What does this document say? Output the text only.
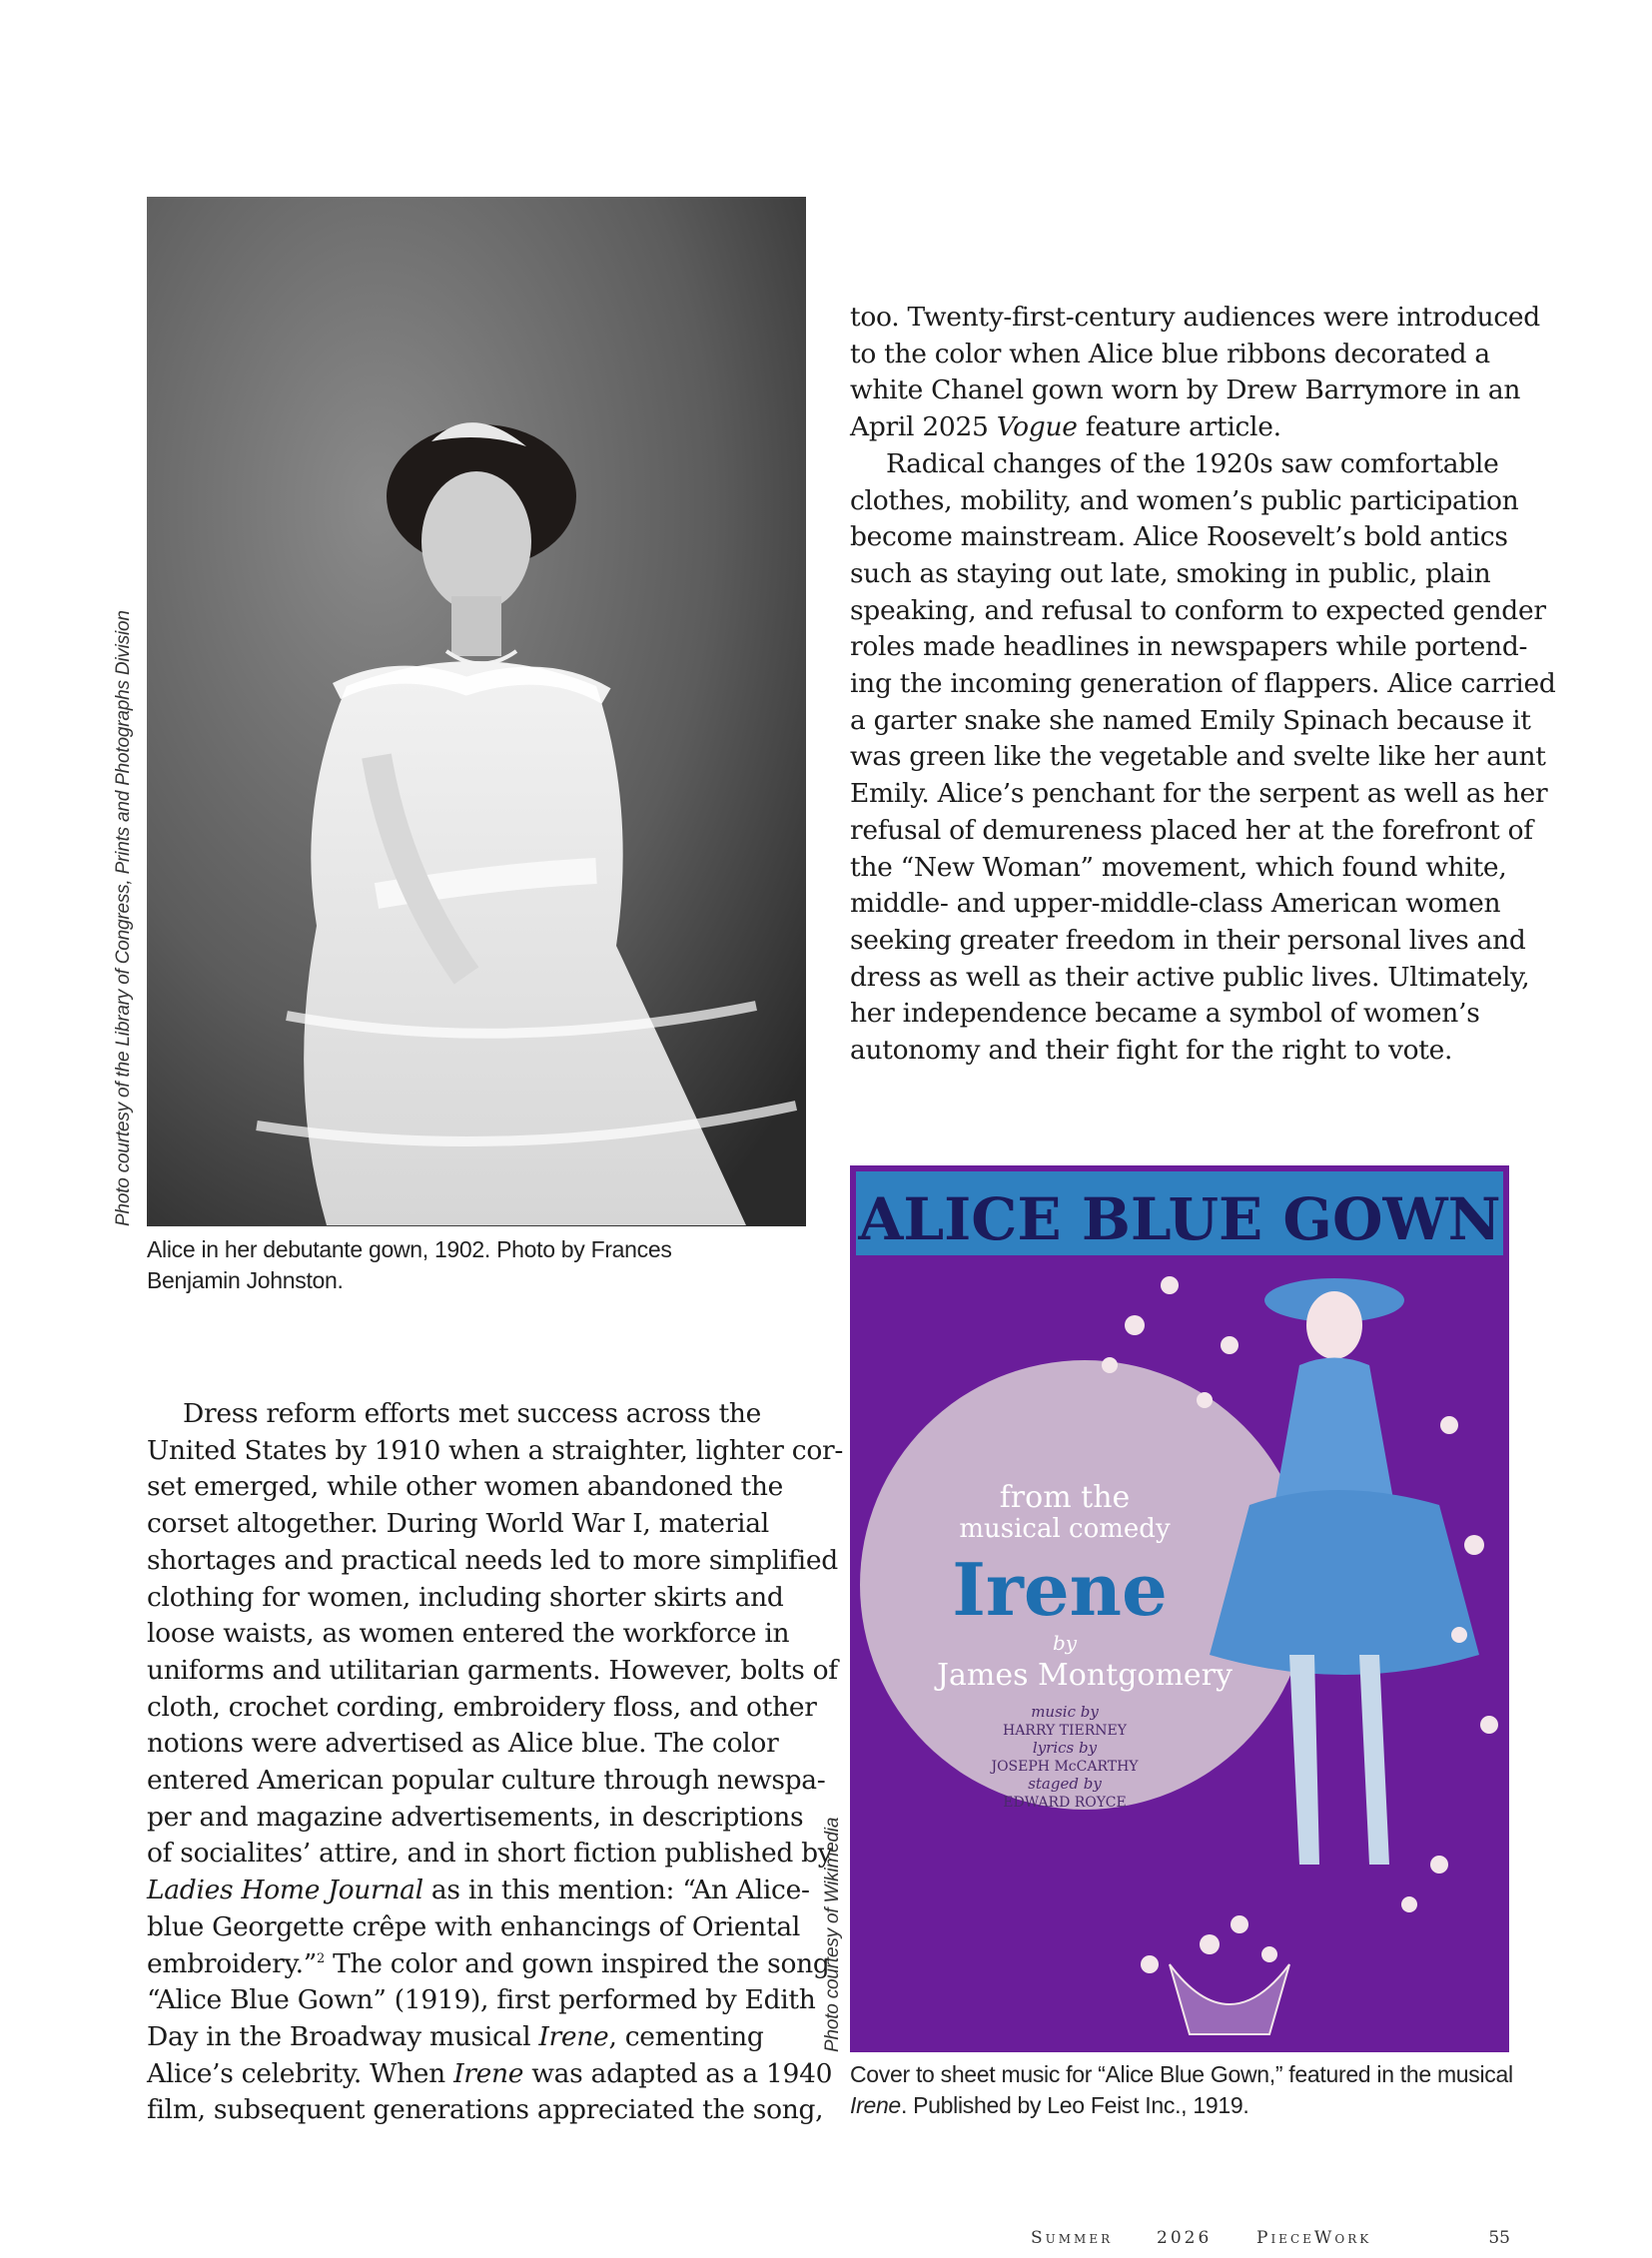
Photo courtesy of the Library of Congress, Prints and Photographs Division
Alice in her debutante gown, 1902. Photo by Frances
Benjamin Johnston.
too. Twenty-first-century audiences were introduced
to the color when Alice blue ribbons decorated a
white Chanel gown worn by Drew Barrymore in an
April 2025 Vogue feature article.
Radical changes of the 1920s saw comfortable
clothes, mobility, and women’s public participation
become mainstream. Alice Roosevelt’s bold antics
such as staying out late, smoking in public, plain
speaking, and refusal to conform to expected gender
roles made headlines in newspapers while portend-
ing the incoming generation of flappers. Alice carried
a garter snake she named Emily Spinach because it
was green like the vegetable and svelte like her aunt
Emily. Alice’s penchant for the serpent as well as her
refusal of demureness placed her at the forefront of
the “New Woman” movement, which found white,
middle- and upper-middle-class American women
seeking greater freedom in their personal lives and
dress as well as their active public lives. Ultimately,
her independence became a symbol of women’s
autonomy and their fight for the right to vote.
Dress reform efforts met success across the
United States by 1910 when a straighter, lighter cor-
set emerged, while other women abandoned the
corset altogether. During World War I, material
shortages and practical needs led to more simplified
clothing for women, including shorter skirts and
loose waists, as women entered the workforce in
uniforms and utilitarian garments. However, bolts of
cloth, crochet cording, embroidery floss, and other
notions were advertised as Alice blue. The color
entered American popular culture through newspa-
per and magazine advertisements, in descriptions
of socialites’ attire, and in short fiction published by
Ladies Home Journal as in this mention: “An Alice-
blue Georgette crêpe with enhancings of Oriental
embroidery.”$^2$ The color and gown inspired the song
“Alice Blue Gown” (1919), first performed by Edith
Day in the Broadway musical Irene, cementing
Alice’s celebrity. When Irene was adapted as a 1940
film, subsequent generations appreciated the song,
ALICE BLUE GOWN
from the
musical comedy
Irene
by
James Montgomery
music by
HARRY TIERNEY
lyrics by
JOSEPH McCARTHY
staged by
EDWARD ROYCE
Photo courtesy of Wikimedia
Cover to sheet music for “Alice Blue Gown,” featured in the musical
Irene. Published by Leo Feist Inc., 1919.
Summer	2026	PieceWork	55
